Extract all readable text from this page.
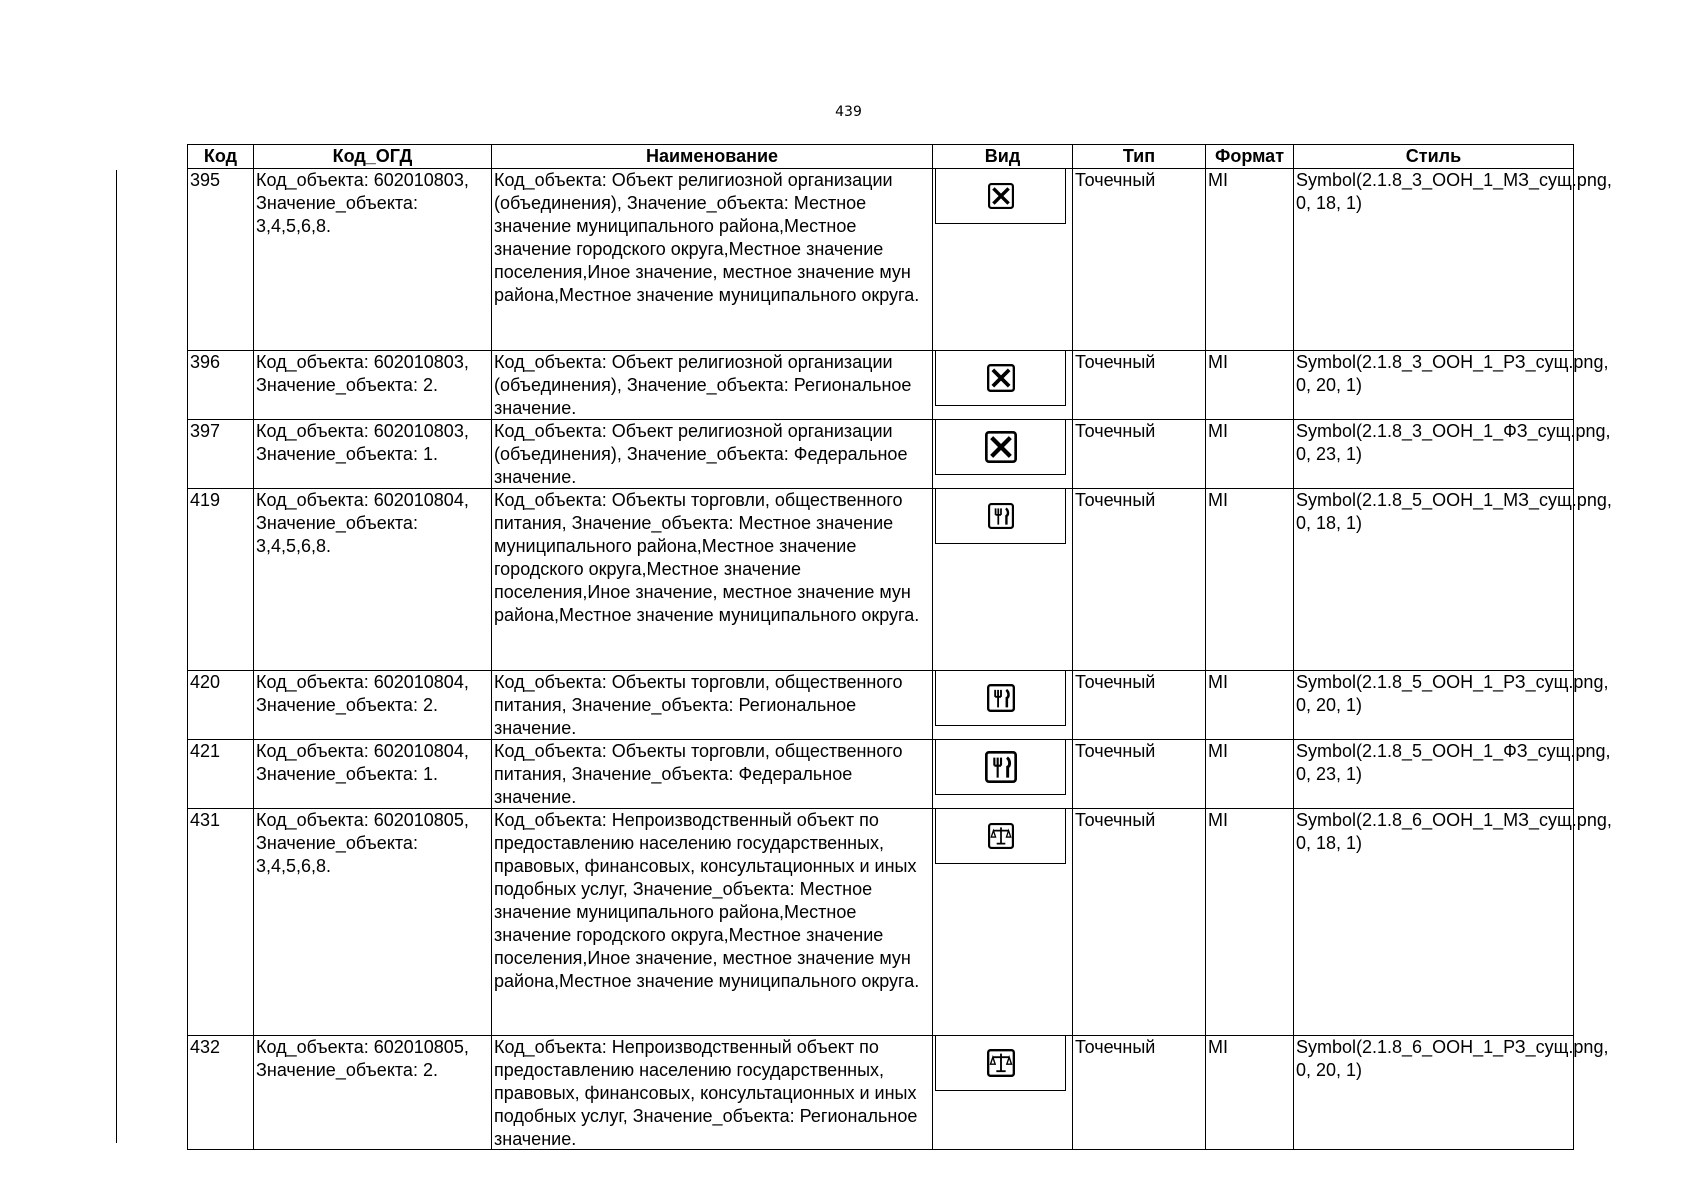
439
Код	Код_ОГД	Наименование	Вид	Тип	Формат	Стиль

395	Код_объекта: 602010803, Значение_объекта: 3,4,5,6,8.	Код_объекта: Объект религиозной организации (объединения), Значение_объекта: Местное значение муниципального района,Местное значение городского округа,Местное значение поселения,Иное значение, местное значение мун района,Местное значение муниципального округа.		Точечный	MI	Symbol(2.1.8_3_ООН_1_МЗ_сущ.png, 0, 18, 1)

396	Код_объекта: 602010803, Значение_объекта: 2.	Код_объекта: Объект религиозной организации (объединения), Значение_объекта: Региональное значение.		Точечный	MI	Symbol(2.1.8_3_ООН_1_РЗ_сущ.png, 0, 20, 1)

397	Код_объекта: 602010803, Значение_объекта: 1.	Код_объекта: Объект религиозной организации (объединения), Значение_объекта: Федеральное значение.		Точечный	MI	Symbol(2.1.8_3_ООН_1_ФЗ_сущ.png, 0, 23, 1)

419	Код_объекта: 602010804, Значение_объекта: 3,4,5,6,8.	Код_объекта: Объекты торговли, общественного питания, Значение_объекта: Местное значение муниципального района,Местное значение городского округа,Местное значение поселения,Иное значение, местное значение мун района,Местное значение муниципального округа.		Точечный	MI	Symbol(2.1.8_5_ООН_1_МЗ_сущ.png, 0, 18, 1)

420	Код_объекта: 602010804, Значение_объекта: 2.	Код_объекта: Объекты торговли, общественного питания, Значение_объекта: Региональное значение.		Точечный	MI	Symbol(2.1.8_5_ООН_1_РЗ_сущ.png, 0, 20, 1)

421	Код_объекта: 602010804, Значение_объекта: 1.	Код_объекта: Объекты торговли, общественного питания, Значение_объекта: Федеральное значение.		Точечный	MI	Symbol(2.1.8_5_ООН_1_ФЗ_сущ.png, 0, 23, 1)

431	Код_объекта: 602010805, Значение_объекта: 3,4,5,6,8.	Код_объекта: Непроизводственный объект по предоставлению населению государственных, правовых, финансовых, консультационных и иных подобных услуг, Значение_объекта: Местное значение муниципального района,Местное значение городского округа,Местное значение поселения,Иное значение, местное значение мун района,Местное значение муниципального округа.		Точечный	MI	Symbol(2.1.8_6_ООН_1_МЗ_сущ.png, 0, 18, 1)

432	Код_объекта: 602010805, Значение_объекта: 2.	Код_объекта: Непроизводственный объект по предоставлению населению государственных, правовых, финансовых, консультационных и иных подобных услуг, Значение_объекта: Региональное значение.		Точечный	MI	Symbol(2.1.8_6_ООН_1_РЗ_сущ.png, 0, 20, 1)
